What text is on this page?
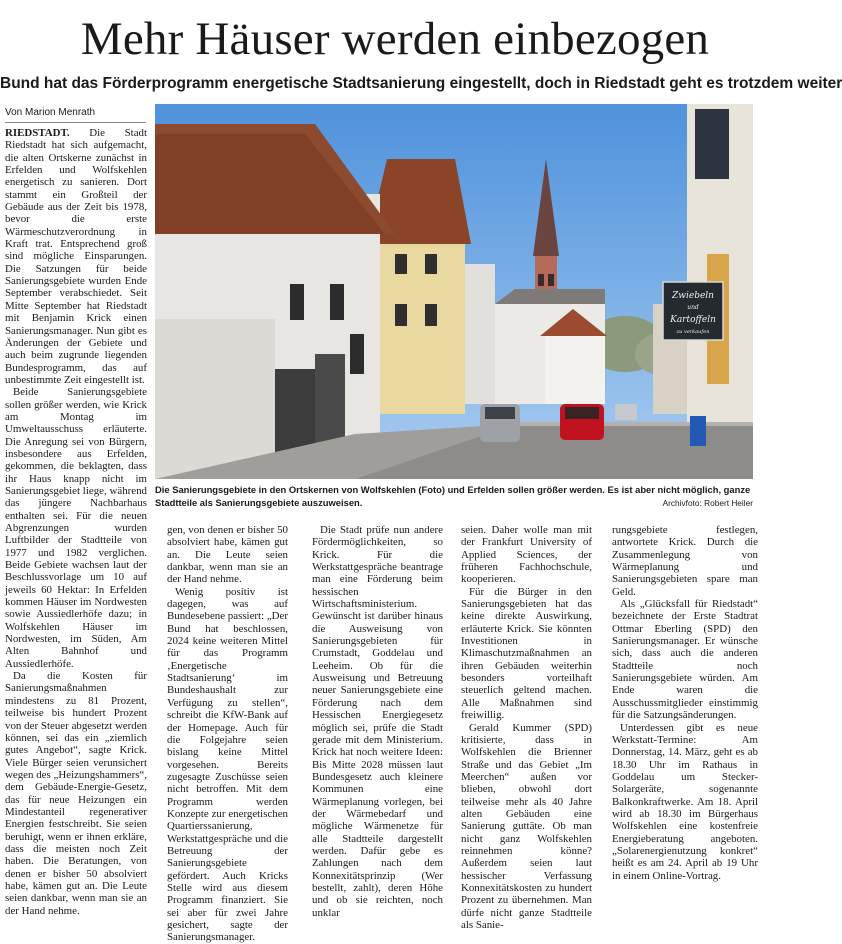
Mehr Häuser werden einbezogen

Bund hat das Förderprogramm energetische Stadtsanierung eingestellt, doch in Riedstadt geht es trotzdem weiter

Von Marion Menrath
Zwiebeln
und
Kartoffeln
zu verkaufen
Die Sanierungsgebiete in den Ortskernen von Wolfskehlen (Foto) und Erfelden sollen größer werden. Es ist aber nicht möglich, ganze Stadtteile als Sanierungsgebiete auszuweisen.	Archivfoto: Robert Heiler

RIEDSTADT. Die Stadt Riedstadt hat sich aufgemacht, die alten Ortskerne zunächst in Erfelden und Wolfskehlen energetisch zu sanieren. Dort stammt ein Großteil der Gebäude aus der Zeit bis 1978, bevor die erste Wärmeschutzverordnung in Kraft trat. Entsprechend groß sind mögliche Einsparungen. Die Satzungen für beide Sanierungsgebiete wurden Ende September verabschiedet. Seit Mitte September hat Riedstadt mit Benjamin Krick einen Sanierungsmanager. Nun gibt es Änderungen der Gebiete und auch beim zugrunde liegenden Bundesprogramm, das auf unbestimmte Zeit eingestellt ist.

Beide Sanierungsgebiete sollen größer werden, wie Krick am Montag im Umweltausschuss erläuterte. Die Anregung sei von Bürgern, insbesondere aus Erfelden, gekommen, die beklagten, dass ihr Haus knapp nicht im Sanierungsgebiet liege, während das jüngere Nachbarhaus enthalten sei. Für die neuen Abgrenzungen wurden Luftbilder der Stadtteile von 1977 und 1982 verglichen. Beide Gebiete wachsen laut der Beschlussvorlage um 10 auf jeweils 60 Hektar: In Erfelden kommen Häuser im Nordwesten sowie Aussiedlerhöfe dazu; in Wolfskehlen Häuser im Nordwesten, im Süden, Am Alten Bahnhof und Aussiedlerhöfe.

Da die Kosten für Sanierungsmaßnahmen mindestens zu 81 Prozent, teilweise bis hundert Prozent von der Steuer abgesetzt werden können, sei das ein „ziemlich gutes Angebot“, sagte Krick. Viele Bürger seien verunsichert wegen des „Heizungshammers“, dem Gebäude-Energie-Gesetz, das für neue Heizungen ein Mindestanteil regenerativer Energien festschreibt. Sie seien beruhigt, wenn er ihnen erkläre, dass die meisten noch Zeit haben. Die Beratungen, von denen er bisher 50 absolviert habe, kämen gut an. Die Leute seien dankbar, wenn man sie an der Hand nehme.

gen, von denen er bisher 50 absolviert habe, kämen gut an. Die Leute seien dankbar, wenn man sie an der Hand nehme.

Wenig positiv ist dagegen, was auf Bundesebene passiert: „Der Bund hat beschlossen, 2024 keine weiteren Mittel für das Programm ‚Energetische Stadtsanierung‘ im Bundeshaushalt zur Verfügung zu stellen“, schreibt die KfW-Bank auf der Homepage. Auch für die Folgejahre seien bislang keine Mittel vorgesehen. Bereits zugesagte Zuschüsse seien nicht betroffen. Mit dem Programm werden Konzepte zur energetischen Quartierssanierung, Werkstattgespräche und die Betreuung der Sanierungsgebiete gefördert. Auch Kricks Stelle wird aus diesem Programm finanziert. Sie sei aber für zwei Jahre gesichert, sagte der Sanierungsmanager.

Die Stadt prüfe nun andere Fördermöglichkeiten, so Krick. Für die Werkstattgespräche beantrage man eine Förderung beim hessischen Wirtschaftsministerium. Gewünscht ist darüber hinaus die Ausweisung von Sanierungsgebieten für Crumstadt, Goddelau und Leeheim. Ob für die Ausweisung und Betreuung neuer Sanierungsgebiete eine Förderung nach dem Hessischen Energiegesetz möglich sei, prüfe die Stadt gerade mit dem Ministerium. Krick hat noch weitere Ideen: Bis Mitte 2028 müssen laut Bundesgesetz auch kleinere Kommunen eine Wärmeplanung vorlegen, bei der Wärmebedarf und mögliche Wärmenetze für alle Stadtteile dargestellt werden. Dafür gebe es Zahlungen nach dem Konnexitätsprinzip (Wer bestellt, zahlt), deren Höhe und ob sie reichten, noch unklar

seien. Daher wolle man mit der Frankfurt University of Applied Sciences, der früheren Fachhochschule, kooperieren.

Für die Bürger in den Sanierungsgebieten hat das keine direkte Auswirkung, erläuterte Krick. Sie könnten Investitionen in Klimaschutzmaßnahmen an ihren Gebäuden weiterhin besonders vorteilhaft steuerlich geltend machen. Alle Maßnahmen sind freiwillig.

Gerald Kummer (SPD) kritisierte, dass in Wolfskehlen die Brienner Straße und das Gebiet „Im Meerchen“ außen vor blieben, obwohl dort teilweise mehr als 40 Jahre alten Gebäuden eine Sanierung guttäte. Ob man nicht ganz Wolfskehlen reinnehmen könne? Außerdem seien laut hessischer Verfassung Konnexitätskosten zu hundert Prozent zu übernehmen. Man dürfe nicht ganze Stadtteile als Sanie-

rungsgebiete festlegen, antwortete Krick. Durch die Zusammenlegung von Wärmeplanung und Sanierungsgebieten spare man Geld.

Als „Glücksfall für Riedstadt“ bezeichnete der Erste Stadtrat Ottmar Eberling (SPD) den Sanierungsmanager. Er wünsche sich, dass auch die anderen Stadtteile noch Sanierungsgebiete würden. Am Ende waren die Ausschussmitglieder einstimmig für die Satzungsänderungen.

Unterdessen gibt es neue Werkstatt-Termine: Am Donnerstag, 14. März, geht es ab 18.30 Uhr im Rathaus in Goddelau um Stecker-Solargeräte, sogenannte Balkonkraftwerke. Am 18. April wird ab 18.30 im Bürgerhaus Wolfskehlen eine kostenfreie Energieberatung angeboten. „Solarenergienutzung konkret“ heißt es am 24. April ab 19 Uhr in einem Online-Vortrag.
